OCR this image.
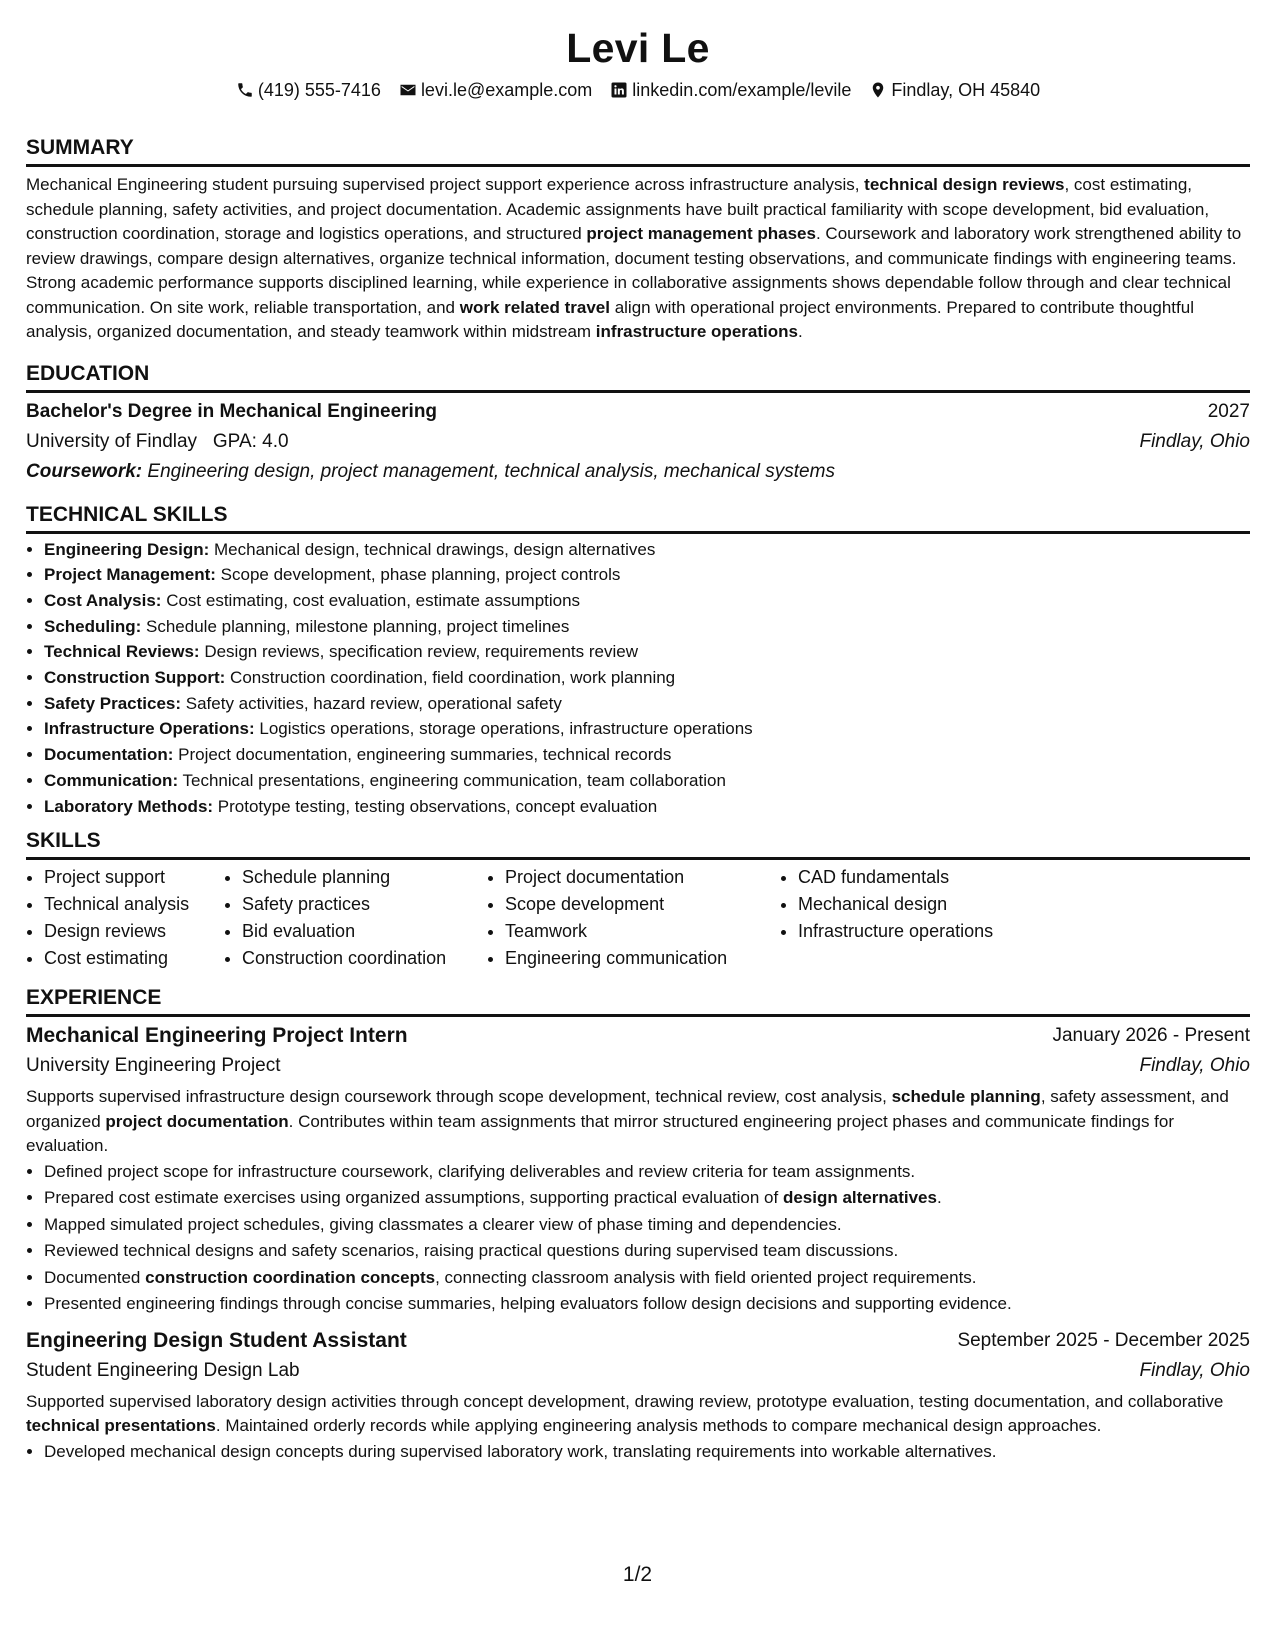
Levi Le
(419) 555-7416 levi.le@example.com linkedin.com/example/levile Findlay, OH 45840
SUMMARY
Mechanical Engineering student pursuing supervised project support experience across infrastructure analysis, technical design reviews, cost estimating, schedule planning, safety activities, and project documentation. Academic assignments have built practical familiarity with scope development, bid evaluation, construction coordination, storage and logistics operations, and structured project management phases. Coursework and laboratory work strengthened ability to review drawings, compare design alternatives, organize technical information, document testing observations, and communicate findings with engineering teams. Strong academic performance supports disciplined learning, while experience in collaborative assignments shows dependable follow through and clear technical communication. On site work, reliable transportation, and work related travel align with operational project environments. Prepared to contribute thoughtful analysis, organized documentation, and steady teamwork within midstream infrastructure operations.
EDUCATION
Bachelor's Degree in Mechanical Engineering	2027
University of Findlay GPA: 4.0	Findlay, Ohio
Coursework: Engineering design, project management, technical analysis, mechanical systems
TECHNICAL SKILLS
• Engineering Design: Mechanical design, technical drawings, design alternatives
• Project Management: Scope development, phase planning, project controls
• Cost Analysis: Cost estimating, cost evaluation, estimate assumptions
• Scheduling: Schedule planning, milestone planning, project timelines
• Technical Reviews: Design reviews, specification review, requirements review
• Construction Support: Construction coordination, field coordination, work planning
• Safety Practices: Safety activities, hazard review, operational safety
• Infrastructure Operations: Logistics operations, storage operations, infrastructure operations
• Documentation: Project documentation, engineering summaries, technical records
• Communication: Technical presentations, engineering communication, team collaboration
• Laboratory Methods: Prototype testing, testing observations, concept evaluation
SKILLS
• Project support
• Technical analysis
• Design reviews
• Cost estimating
• Schedule planning
• Safety practices
• Bid evaluation
• Construction coordination
• Project documentation
• Scope development
• Teamwork
• Engineering communication
• CAD fundamentals
• Mechanical design
• Infrastructure operations
EXPERIENCE
Mechanical Engineering Project Intern	January 2026 - Present
University Engineering Project	Findlay, Ohio
Supports supervised infrastructure design coursework through scope development, technical review, cost analysis, schedule planning, safety assessment, and organized project documentation. Contributes within team assignments that mirror structured engineering project phases and communicate findings for evaluation.
• Defined project scope for infrastructure coursework, clarifying deliverables and review criteria for team assignments.
• Prepared cost estimate exercises using organized assumptions, supporting practical evaluation of design alternatives.
• Mapped simulated project schedules, giving classmates a clearer view of phase timing and dependencies.
• Reviewed technical designs and safety scenarios, raising practical questions during supervised team discussions.
• Documented construction coordination concepts, connecting classroom analysis with field oriented project requirements.
• Presented engineering findings through concise summaries, helping evaluators follow design decisions and supporting evidence.
Engineering Design Student Assistant	September 2025 - December 2025
Student Engineering Design Lab	Findlay, Ohio
Supported supervised laboratory design activities through concept development, drawing review, prototype evaluation, testing documentation, and collaborative technical presentations. Maintained orderly records while applying engineering analysis methods to compare mechanical design approaches.
• Developed mechanical design concepts during supervised laboratory work, translating requirements into workable alternatives.
1/2
